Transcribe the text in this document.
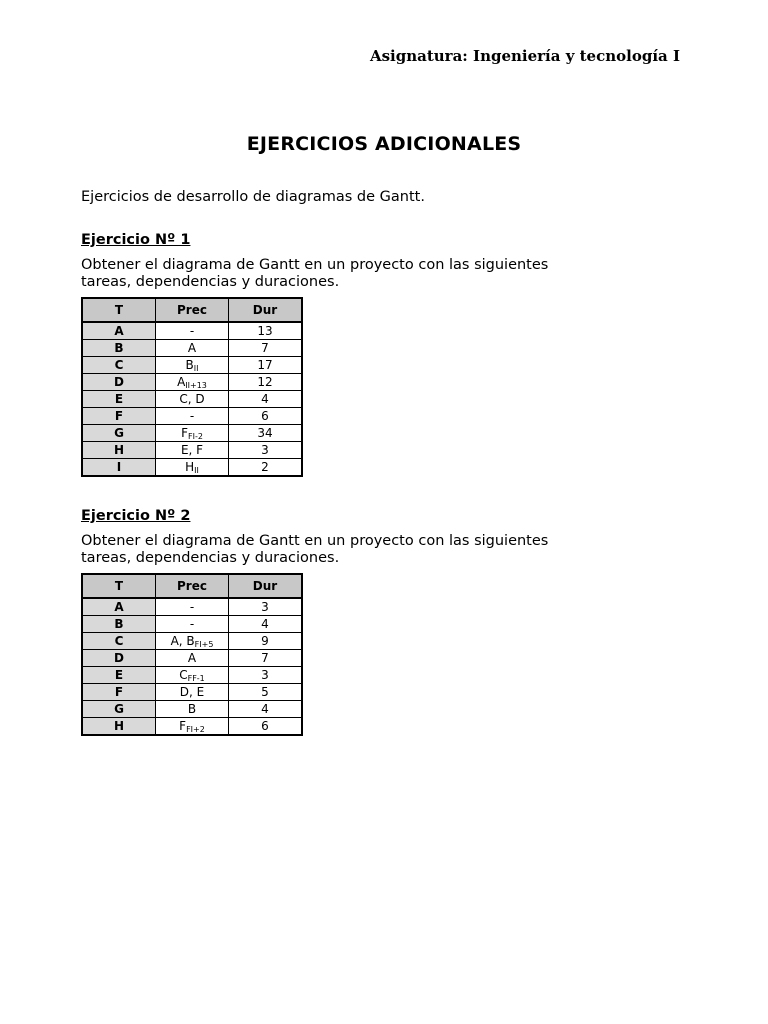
Asignatura: Ingeniería y tecnología I

EJERCICIOS ADICIONALES

Ejercicios de desarrollo de diagramas de Gantt.

Ejercicio Nº 1

Obtener el diagrama de Gantt en un proyecto con las siguientes tareas, dependencias y duraciones.

T	Prec	Dur
A	-	13
B	A	7
C	$B_{II}$	17
D	$A_{II+13}$	12
E	C, D	4
F	-	6
G	$F_{FI-2}$	34
H	E, F	3
I	$H_{II}$	2
Ejercicio Nº 2

Obtener el diagrama de Gantt en un proyecto con las siguientes tareas, dependencias y duraciones.

T	Prec	Dur
A	-	3
B	-	4
C	A, $B_{FI+5}$	9
D	A	7
E	$C_{FF-1}$	3
F	D, E	5
G	B	4
H	$F_{FI+2}$	6
